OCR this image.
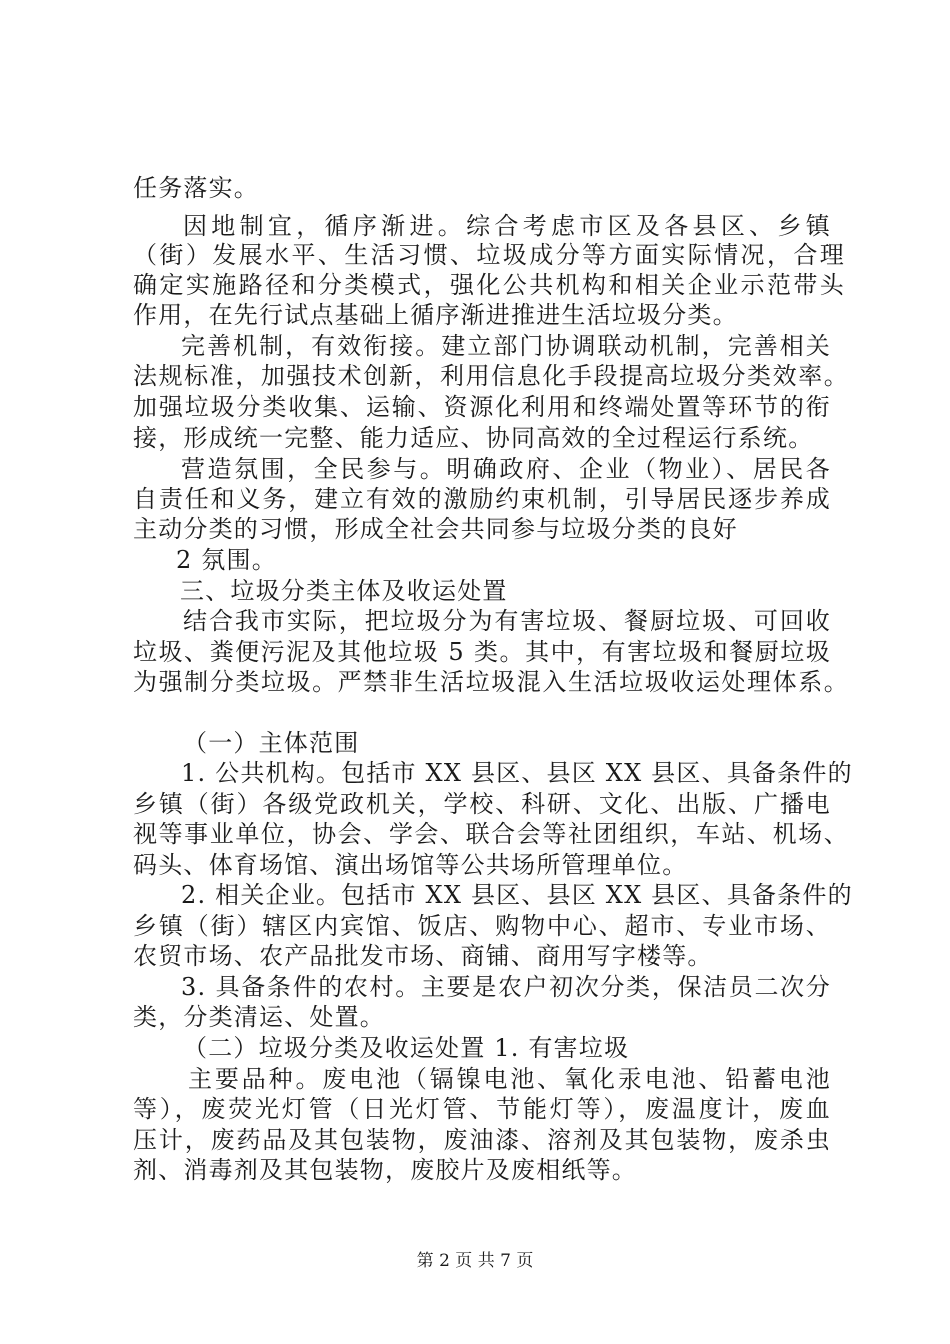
任务落实。
因地制宜，循序渐进。综合考虑市区及各县区、乡镇
（街）发展水平、生活习惯、垃圾成分等方面实际情况，合理
确定实施路径和分类模式，强化公共机构和相关企业示范带头
作用，在先行试点基础上循序渐进推进生活垃圾分类。
完善机制，有效衔接。建立部门协调联动机制，完善相关
法规标准，加强技术创新，利用信息化手段提高垃圾分类效率。
加强垃圾分类收集、运输、资源化利用和终端处置等环节的衔
接，形成统一完整、能力适应、协同高效的全过程运行系统。
营造氛围，全民参与。明确政府、企业（物业）、居民各
自责任和义务，建立有效的激励约束机制，引导居民逐步养成
主动分类的习惯，形成全社会共同参与垃圾分类的良好
2 氛围。
三、垃圾分类主体及收运处置
结合我市实际，把垃圾分为有害垃圾、餐厨垃圾、可回收
垃圾、粪便污泥及其他垃圾 5 类。其中，有害垃圾和餐厨垃圾
为强制分类垃圾。严禁非生活垃圾混入生活垃圾收运处理体系。
（一）主体范围
1. 公共机构。包括市 XX 县区、县区 XX 县区、具备条件的
乡镇（街）各级党政机关，学校、科研、文化、出版、广播电
视等事业单位，协会、学会、联合会等社团组织，车站、机场、
码头、体育场馆、演出场馆等公共场所管理单位。
2. 相关企业。包括市 XX 县区、县区 XX 县区、具备条件的
乡镇（街）辖区内宾馆、饭店、购物中心、超市、专业市场、
农贸市场、农产品批发市场、商铺、商用写字楼等。
3. 具备条件的农村。主要是农户初次分类，保洁员二次分
类，分类清运、处置。
（二）垃圾分类及收运处置 1. 有害垃圾
主要品种。废电池（镉镍电池、氧化汞电池、铅蓄电池
等），废荧光灯管（日光灯管、节能灯等），废温度计，废血
压计，废药品及其包装物，废油漆、溶剂及其包装物，废杀虫
剂、消毒剂及其包装物，废胶片及废相纸等。
第 2 页 共 7 页
